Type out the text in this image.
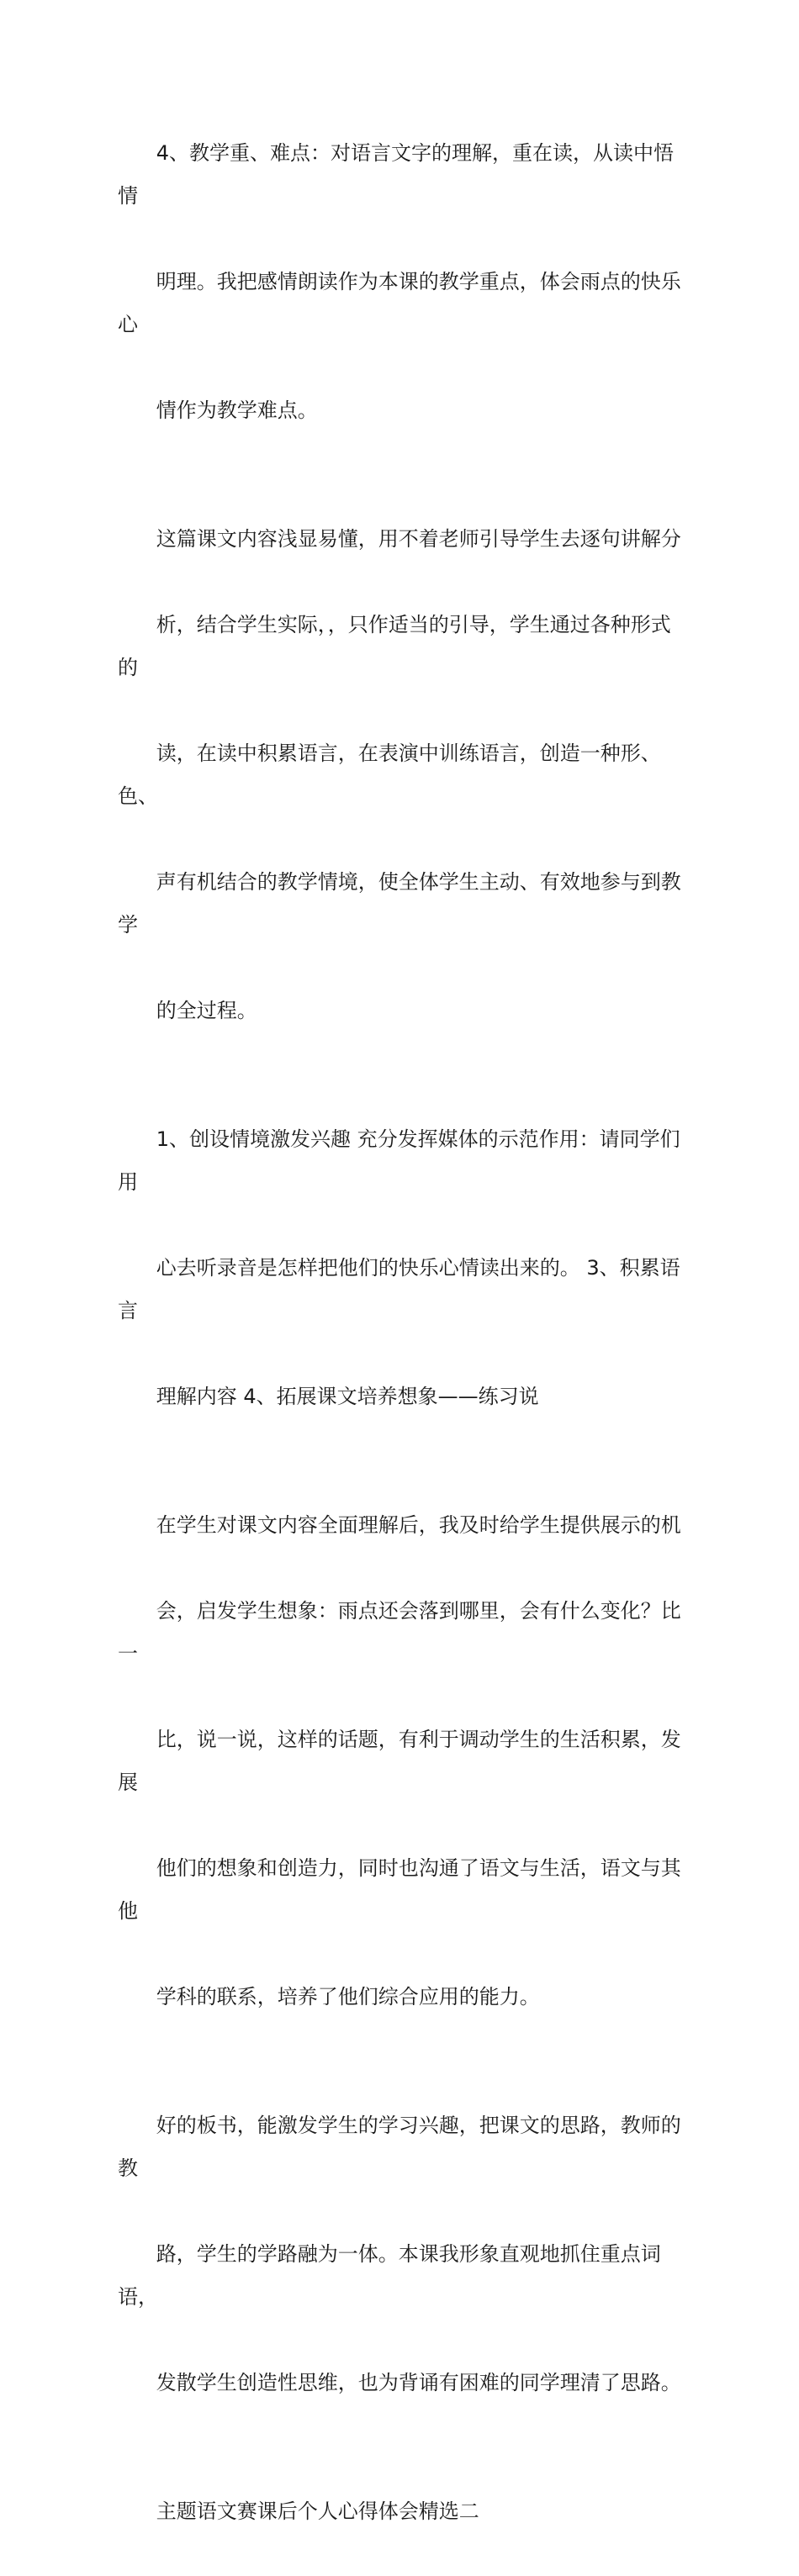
4、教学重、难点：对语言文字的理解，重在读，从读中悟情

明理。我把感情朗读作为本课的教学重点，体会雨点的快乐心

情作为教学难点。

这篇课文内容浅显易懂，用不着老师引导学生去逐句讲解分

析，结合学生实际，，只作适当的引导，学生通过各种形式的

读，在读中积累语言，在表演中训练语言，创造一种形、色、

声有机结合的教学情境，使全体学生主动、有效地参与到教学

的全过程。

1、创设情境激发兴趣 充分发挥媒体的示范作用：请同学们用

心去听录音是怎样把他们的快乐心情读出来的。 3、积累语言

理解内容 4、拓展课文培养想象——练习说

在学生对课文内容全面理解后，我及时给学生提供展示的机

会，启发学生想象：雨点还会落到哪里，会有什么变化？比一

比，说一说，这样的话题，有利于调动学生的生活积累，发展

他们的想象和创造力，同时也沟通了语文与生活，语文与其他

学科的联系，培养了他们综合应用的能力。

好的板书，能激发学生的学习兴趣，把课文的思路，教师的教

路，学生的学路融为一体。本课我形象直观地抓住重点词语，

发散学生创造性思维，也为背诵有困难的同学理清了思路。

主题语文赛课后个人心得体会精选二
